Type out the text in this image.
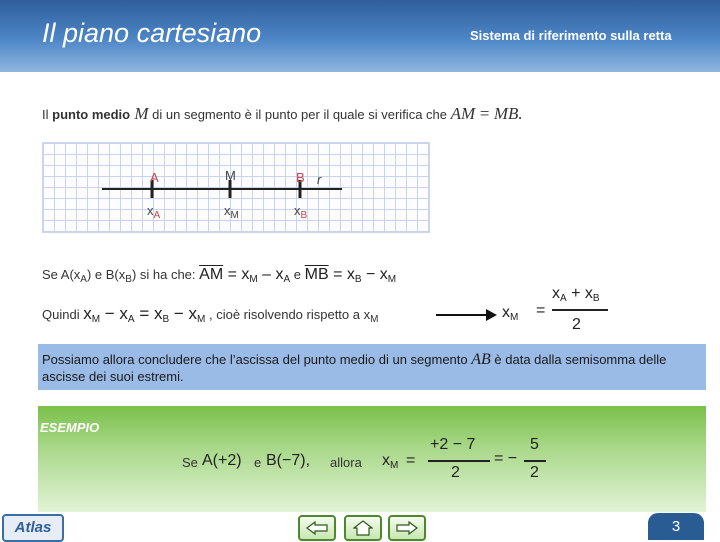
Il piano cartesiano	Sistema di riferimento sulla retta
Il punto medio M di un segmento è il punto per il quale si verifica che AM = MB.
A	M	B r
$x_A$	$x_M$	$x_B$
Se $A(x_A)$ e $B(x_B)$ si ha che: $\overline{AM} = x_M - x_A$ e $\overline{MB} = x_B - x_M$
Quindi $x_M - x_A = x_B - x_M$ , cioè risolvendo rispetto a $x_M$	$x_M$ =
$x_A + x_B$
2
Possiamo allora concludere che l’ascissa del punto medio di un segmento AB è data dalla semisomma delle ascisse dei suoi estremi.
ESEMPIO
Se A(+2) e B(−7), allora $x_M$ =
+2 − 7
2
= −
5
2
Atlas	3
